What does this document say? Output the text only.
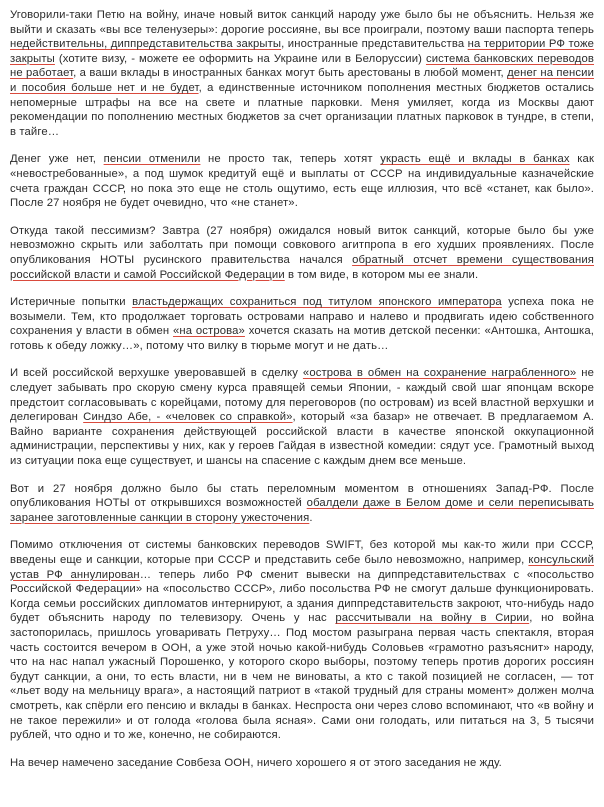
Уговорили-таки Петю на войну, иначе новый виток санкций народу уже было бы не объяснить. Нельзя же выйти и сказать «вы все теленузеры»: дорогие россияне, вы все проиграли, поэтому ваши паспорта теперь недействительны, диппредставительства закрыты, иностранные представительства на территории РФ тоже закрыты (хотите визу, - можете ее оформить на Украине или в Белоруссии) система банковских переводов не работает, а ваши вклады в иностранных банках могут быть арестованы в любой момент, денег на пенсии и пособия больше нет и не будет, а единственные источником пополнения местных бюджетов остались непомерные штрафы на все на свете и платные парковки. Меня умиляет, когда из Москвы дают рекомендации по пополнению местных бюджетов за счет организации платных парковок в тундре, в степи, в тайге…

Денег уже нет, пенсии отменили не просто так, теперь хотят украсть ещё и вклады в банках как «невостребованные», а под шумок кредитуй ещё и выплаты от СССР на индивидуальные казначейские счета граждан СССР, но пока это еще не столь ощутимо, есть еще иллюзия, что всё «станет, как было». После 27 ноября не будет очевидно, что «не станет».

Откуда такой пессимизм? Завтра (27 ноября) ожидался новый виток санкций, которые было бы уже невозможно скрыть или заболтать при помощи совкового агитпропа в его худших проявлениях. После опубликования НОТЫ русинского правительства начался обратный отсчет времени существования российской власти и самой Российской Федерации в том виде, в котором мы ее знали.

Истеричные попытки властьдержащих сохраниться под титулом японского императора успеха пока не возымели. Тем, кто продолжает торговать островами направо и налево и продвигать идею собственного сохранения у власти в обмен «на острова» хочется сказать на мотив детской песенки: «Антошка, Антошка, готовь к обеду ложку…», потому что вилку в тюрьме могут и не дать…

И всей российской верхушке уверовавшей в сделку «острова в обмен на сохранение награбленного» не следует забывать про скорую смену курса правящей семьи Японии, - каждый свой шаг японцам вскоре предстоит согласовывать с корейцами, потому для переговоров (по островам) из всей властной верхушки и делегирован Синдзо Абе, - «человек со справкой», который «за базар» не отвечает. В предлагаемом А. Вайно варианте сохранения действующей российской власти в качестве японской оккупационной администрации, перспективы у них, как у героев Гайдая в известной комедии: сядут усе. Грамотный выход из ситуации пока еще существует, и шансы на спасение с каждым днем все меньше.

Вот и 27 ноября должно было бы стать переломным моментом в отношениях Запад-РФ. После опубликования НОТЫ от открывшихся возможностей обалдели даже в Белом доме и сели переписывать заранее заготовленные санкции в сторону ужесточения.

Помимо отключения от системы банковских переводов SWIFT, без которой мы как-то жили при СССР, введены еще и санкции, которые при СССР и представить себе было невозможно, например, консульский устав РФ аннулирован… теперь либо РФ сменит вывески на диппредставительствах с «посольство Российской Федерации» на «посольство СССР», либо посольства РФ не смогут дальше функционировать. Когда семьи российских дипломатов интернируют, а здания диппредставительств закроют, что-нибудь надо будет объяснить народу по телевизору. Очень у нас рассчитывали на войну в Сирии, но война застопорилась, пришлось уговаривать Петруху… Под мостом разыграна первая часть спектакля, вторая часть состоится вечером в ООН, а уже этой ночью какой-нибудь Соловьев «грамотно разъяснит» народу, что на нас напал ужасный Порошенко, у которого скоро выборы, поэтому теперь против дорогих россиян будут санкции, а они, то есть власти, ни в чем не виноваты, а кто с такой позицией не согласен, — тот «льет воду на мельницу врага», а настоящий патриот в «такой трудный для страны момент» должен молча смотреть, как спёрли его пенсию и вклады в банках. Неспроста они через слово вспоминают, что «в войну и не такое пережили» и от голода «голова была ясная». Сами они голодать, или питаться на 3, 5 тысячи рублей, что одно и то же, конечно, не собираются.

На вечер намечено заседание Совбеза ООН, ничего хорошего я от этого заседания не жду.
